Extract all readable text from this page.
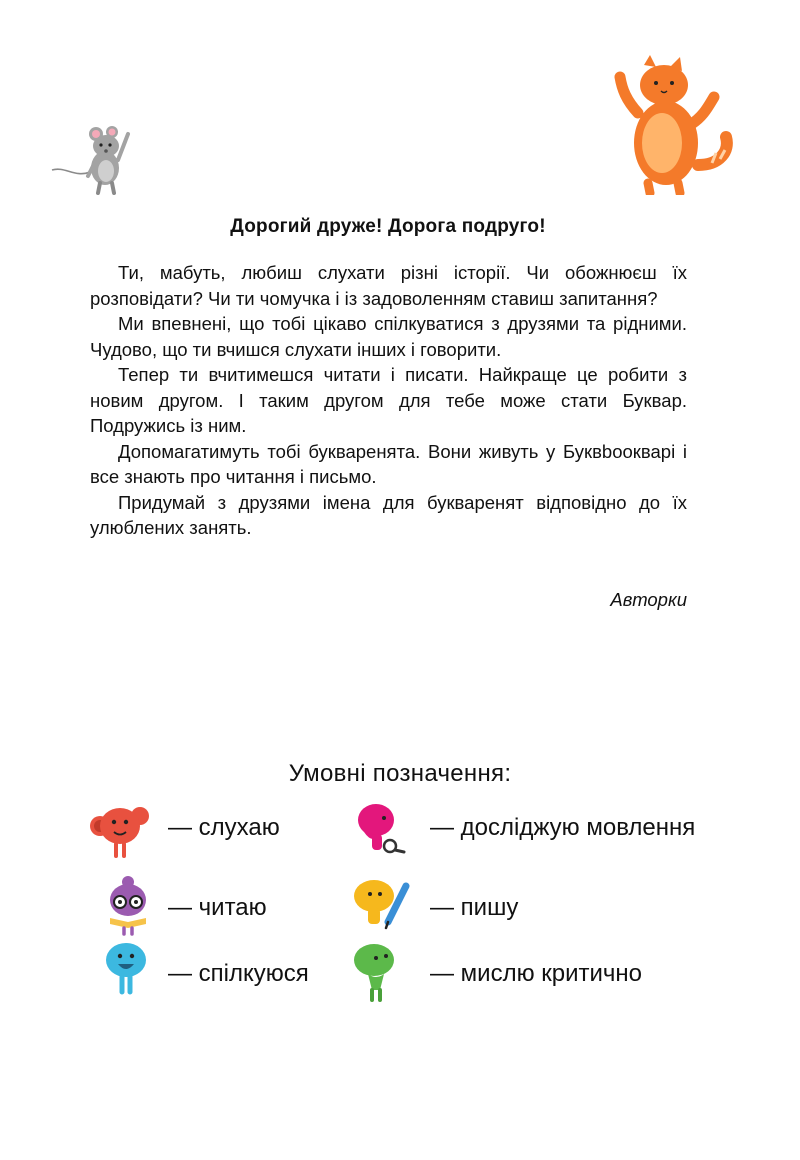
Дорогий друже! Дорога подруго!

Ти, мабуть, любиш слухати різні історії. Чи обожнюєш їх розповідати? Чи ти чомучка і із задоволенням ставиш запитання?

Ми впевнені, що тобі цікаво спілкуватися з друзями та рідними. Чудово, що ти вчишся слухати інших і говорити.

Тепер ти вчитимешся читати і писати. Найкраще це робити з новим другом. І таким другом для тебе може стати Буквар. Подружись із ним.

Допомагатимуть тобі букваренята. Вони живуть у Буквbooкварі і все знають про читання і письмо.

Придумай з друзями імена для букваренят відповідно до їх улюблених занять.

Авторки
Умовні позначення:
— слухаю	— досліджую мовлення
— читаю	— пишу
— спілкуюся	— мислю критично
